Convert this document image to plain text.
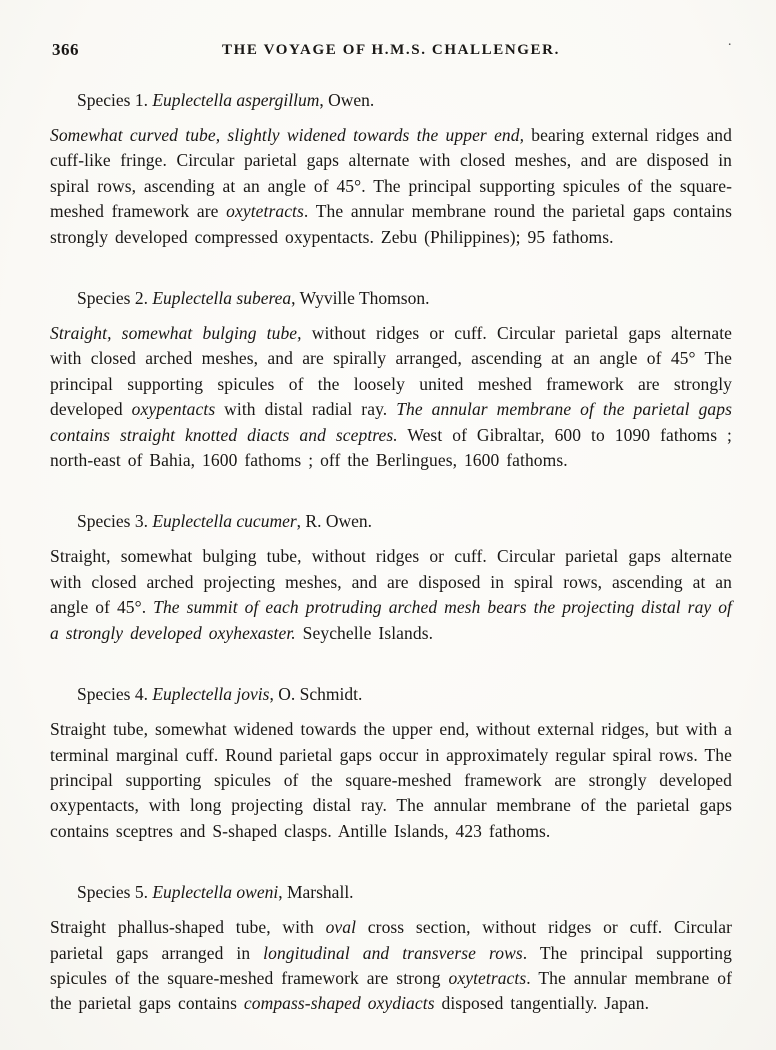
366	THE VOYAGE OF H.M.S. CHALLENGER.	·

Species 1. Euplectella aspergillum, Owen.

Somewhat curved tube, slightly widened towards the upper end, bearing external ridges and cuff-like fringe. Circular parietal gaps alternate with closed meshes, and are disposed in spiral rows, ascending at an angle of 45°. The principal supporting spicules of the square-meshed framework are oxytetracts. The annular membrane round the parietal gaps contains strongly developed compressed oxypentacts. Zebu (Philippines); 95 fathoms.

Species 2. Euplectella suberea, Wyville Thomson.

Straight, somewhat bulging tube, without ridges or cuff. Circular parietal gaps alternate with closed arched meshes, and are spirally arranged, ascending at an angle of 45° The principal supporting spicules of the loosely united meshed framework are strongly developed oxypentacts with distal radial ray. The annular membrane of the parietal gaps contains straight knotted diacts and sceptres. West of Gibraltar, 600 to 1090 fathoms ; north-east of Bahia, 1600 fathoms ; off the Berlingues, 1600 fathoms.

Species 3. Euplectella cucumer, R. Owen.

Straight, somewhat bulging tube, without ridges or cuff. Circular parietal gaps alternate with closed arched projecting meshes, and are disposed in spiral rows, ascending at an angle of 45°. The summit of each protruding arched mesh bears the projecting distal ray of a strongly developed oxyhexaster. Seychelle Islands.

Species 4. Euplectella jovis, O. Schmidt.

Straight tube, somewhat widened towards the upper end, without external ridges, but with a terminal marginal cuff. Round parietal gaps occur in approximately regular spiral rows. The principal supporting spicules of the square-meshed framework are strongly developed oxypentacts, with long projecting distal ray. The annular membrane of the parietal gaps contains sceptres and S-shaped clasps. Antille Islands, 423 fathoms.

Species 5. Euplectella oweni, Marshall.

Straight phallus-shaped tube, with oval cross section, without ridges or cuff. Circular parietal gaps arranged in longitudinal and transverse rows. The principal supporting spicules of the square-meshed framework are strong oxytetracts. The annular membrane of the parietal gaps contains compass-shaped oxydiacts disposed tangentially. Japan.
